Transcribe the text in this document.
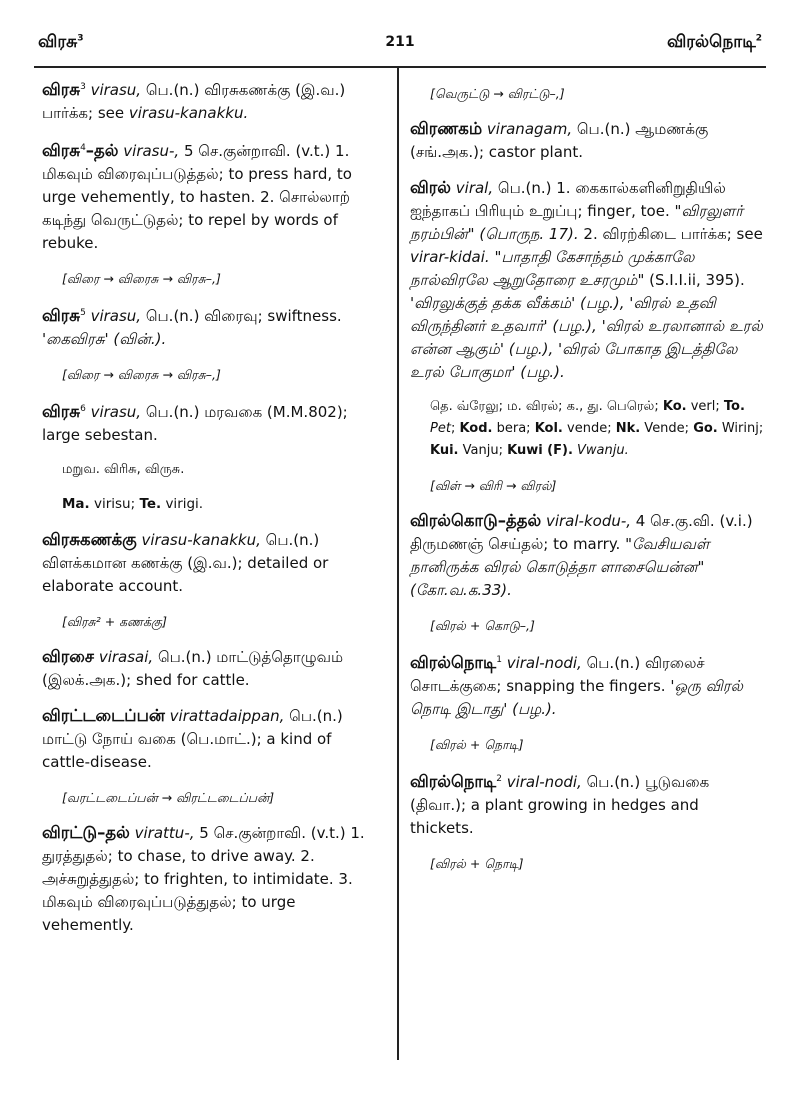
விரசு$^3$	211	விரல்நொடி$^2$
விரசு$^3$ virasu, பெ.(n.) விரசுகணக்கு (இ.வ.) பார்க்க; see virasu-kanakku.
விரசு$^4$–தல் virasu-, 5 செ.குன்றாவி. (v.t.) 1. மிகவும் விரைவுப்படுத்தல்; to press hard, to urge vehemently, to hasten. 2. சொல்லாற் கடிந்து வெருட்டுதல்; to repel by words of rebuke.
[விரை → விரைசு → விரசு–,]
விரசு$^5$ virasu, பெ.(n.) விரைவு; swiftness. 'கைவிரசு' (வின்.).
[விரை → விரைசு → விரசு–,]
விரசு$^6$ virasu, பெ.(n.) மரவகை (M.M.802); large sebestan.
மறுவ. விரிசு, விருசு.
Ma. virisu; Te. virigi.
விரசுகணக்கு virasu-kanakku, பெ.(n.) விளக்கமான கணக்கு (இ.வ.); detailed or elaborate account.
[விரசு² + கணக்கு]
விரசை virasai, பெ.(n.) மாட்டுத்தொழுவம் (இலக்.அக.); shed for cattle.
விரட்டடைப்பன் virattadaippan, பெ.(n.) மாட்டு நோய் வகை (பெ.மாட்.); a kind of cattle-disease.
[வரட்டடைப்பன் → விரட்டடைப்பன்]
விரட்டு–தல் virattu-, 5 செ.குன்றாவி. (v.t.) 1. துரத்துதல்; to chase, to drive away. 2. அச்சுறுத்துதல்; to frighten, to intimidate. 3. மிகவும் விரைவுப்படுத்துதல்; to urge vehemently.
[வெருட்டு → விரட்டு–,]
விரணகம் viranagam, பெ.(n.) ஆமணக்கு (சங்.அக.); castor plant.
விரல் viral, பெ.(n.) 1. கைகால்களினிறுதியில் ஐந்தாகப் பிரியும் உறுப்பு; finger, toe. "விரலுளர் நரம்பின்" (பொருந. 17). 2. விரற்கிடை பார்க்க; see virar-kidai. "பாதாதி கேசாந்தம் முக்காலே நால்விரலே ஆறுதோரை உசரமும்" (S.I.I.ii, 395). 'விரலுக்குத் தக்க வீக்கம்' (பழ.), 'விரல் உதவி விருந்தினர் உதவார்' (பழ.), 'விரல் உரலானால் உரல் என்ன ஆகும்' (பழ.), 'விரல் போகாத இடத்திலே உரல் போகுமா' (பழ.).
தெ. வ்ரேலு; ம. விரல்; க., து. பெரெல்; Ko. verl; To. Pet; Kod. bera; Kol. vende; Nk. Vende; Go. Wirinj; Kui. Vanju; Kuwi (F). Vwanju.
[விள் → விரி → விரல்]
விரல்கொடு–த்தல் viral-kodu-, 4 செ.கு.வி. (v.i.) திருமணஞ் செய்தல்; to marry. "வேசியவள் நானிருக்க விரல் கொடுத்தா ளாசையென்ன" (கோ.வ.க.33).
[விரல் + கொடு–,]
விரல்நொடி$^1$ viral-nodi, பெ.(n.) விரலைச் சொடக்குகை; snapping the fingers. 'ஒரு விரல் நொடி இடாது' (பழ.).
[விரல் + நொடி]
விரல்நொடி$^2$ viral-nodi, பெ.(n.) பூடுவகை (திவா.); a plant growing in hedges and thickets.
[விரல் + நொடி]
